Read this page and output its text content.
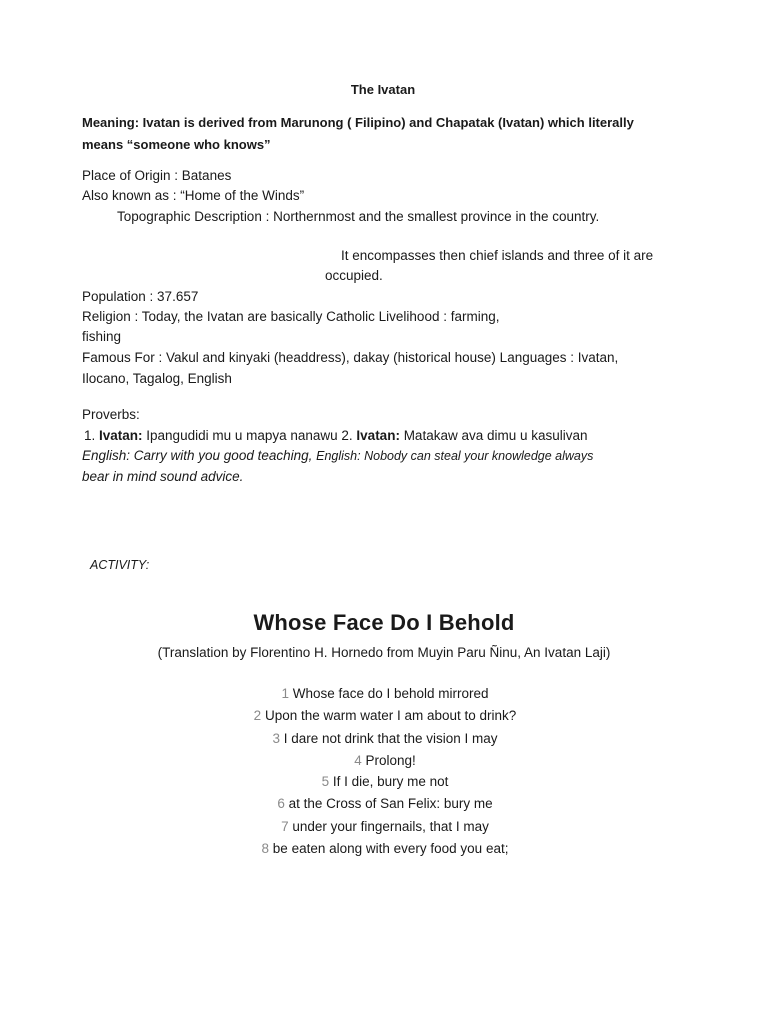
The Ivatan
Meaning: Ivatan is derived from Marunong ( Filipino) and Chapatak (Ivatan) which literally
means “someone who knows”
Place of Origin : Batanes
Also known as : “Home of the Winds”
Topographic Description : Northernmost and the smallest province in the country.
It encompasses then chief islands and three of it are
occupied.
Population : 37.657
Religion : Today, the Ivatan are basically Catholic Livelihood : farming,
fishing
Famous For : Vakul and kinyaki (headdress), dakay (historical house) Languages : Ivatan,
Ilocano, Tagalog, English
Proverbs:
1. Ivatan: Ipangudidi mu u mapya nanawu 2. Ivatan: Matakaw ava dimu u kasulivan
English: Carry with you good teaching, English: Nobody can steal your knowledge always
bear in mind sound advice.
ACTIVITY:
Whose Face Do I Behold
(Translation by Florentino H. Hornedo from Muyin Paru Ñinu, An Ivatan Laji)
1 Whose face do I behold mirrored
2 Upon the warm water I am about to drink?
3 I dare not drink that the vision I may
4 Prolong!
5 If I die, bury me not
6 at the Cross of San Felix: bury me
7 under your fingernails, that I may
8 be eaten along with every food you eat;
